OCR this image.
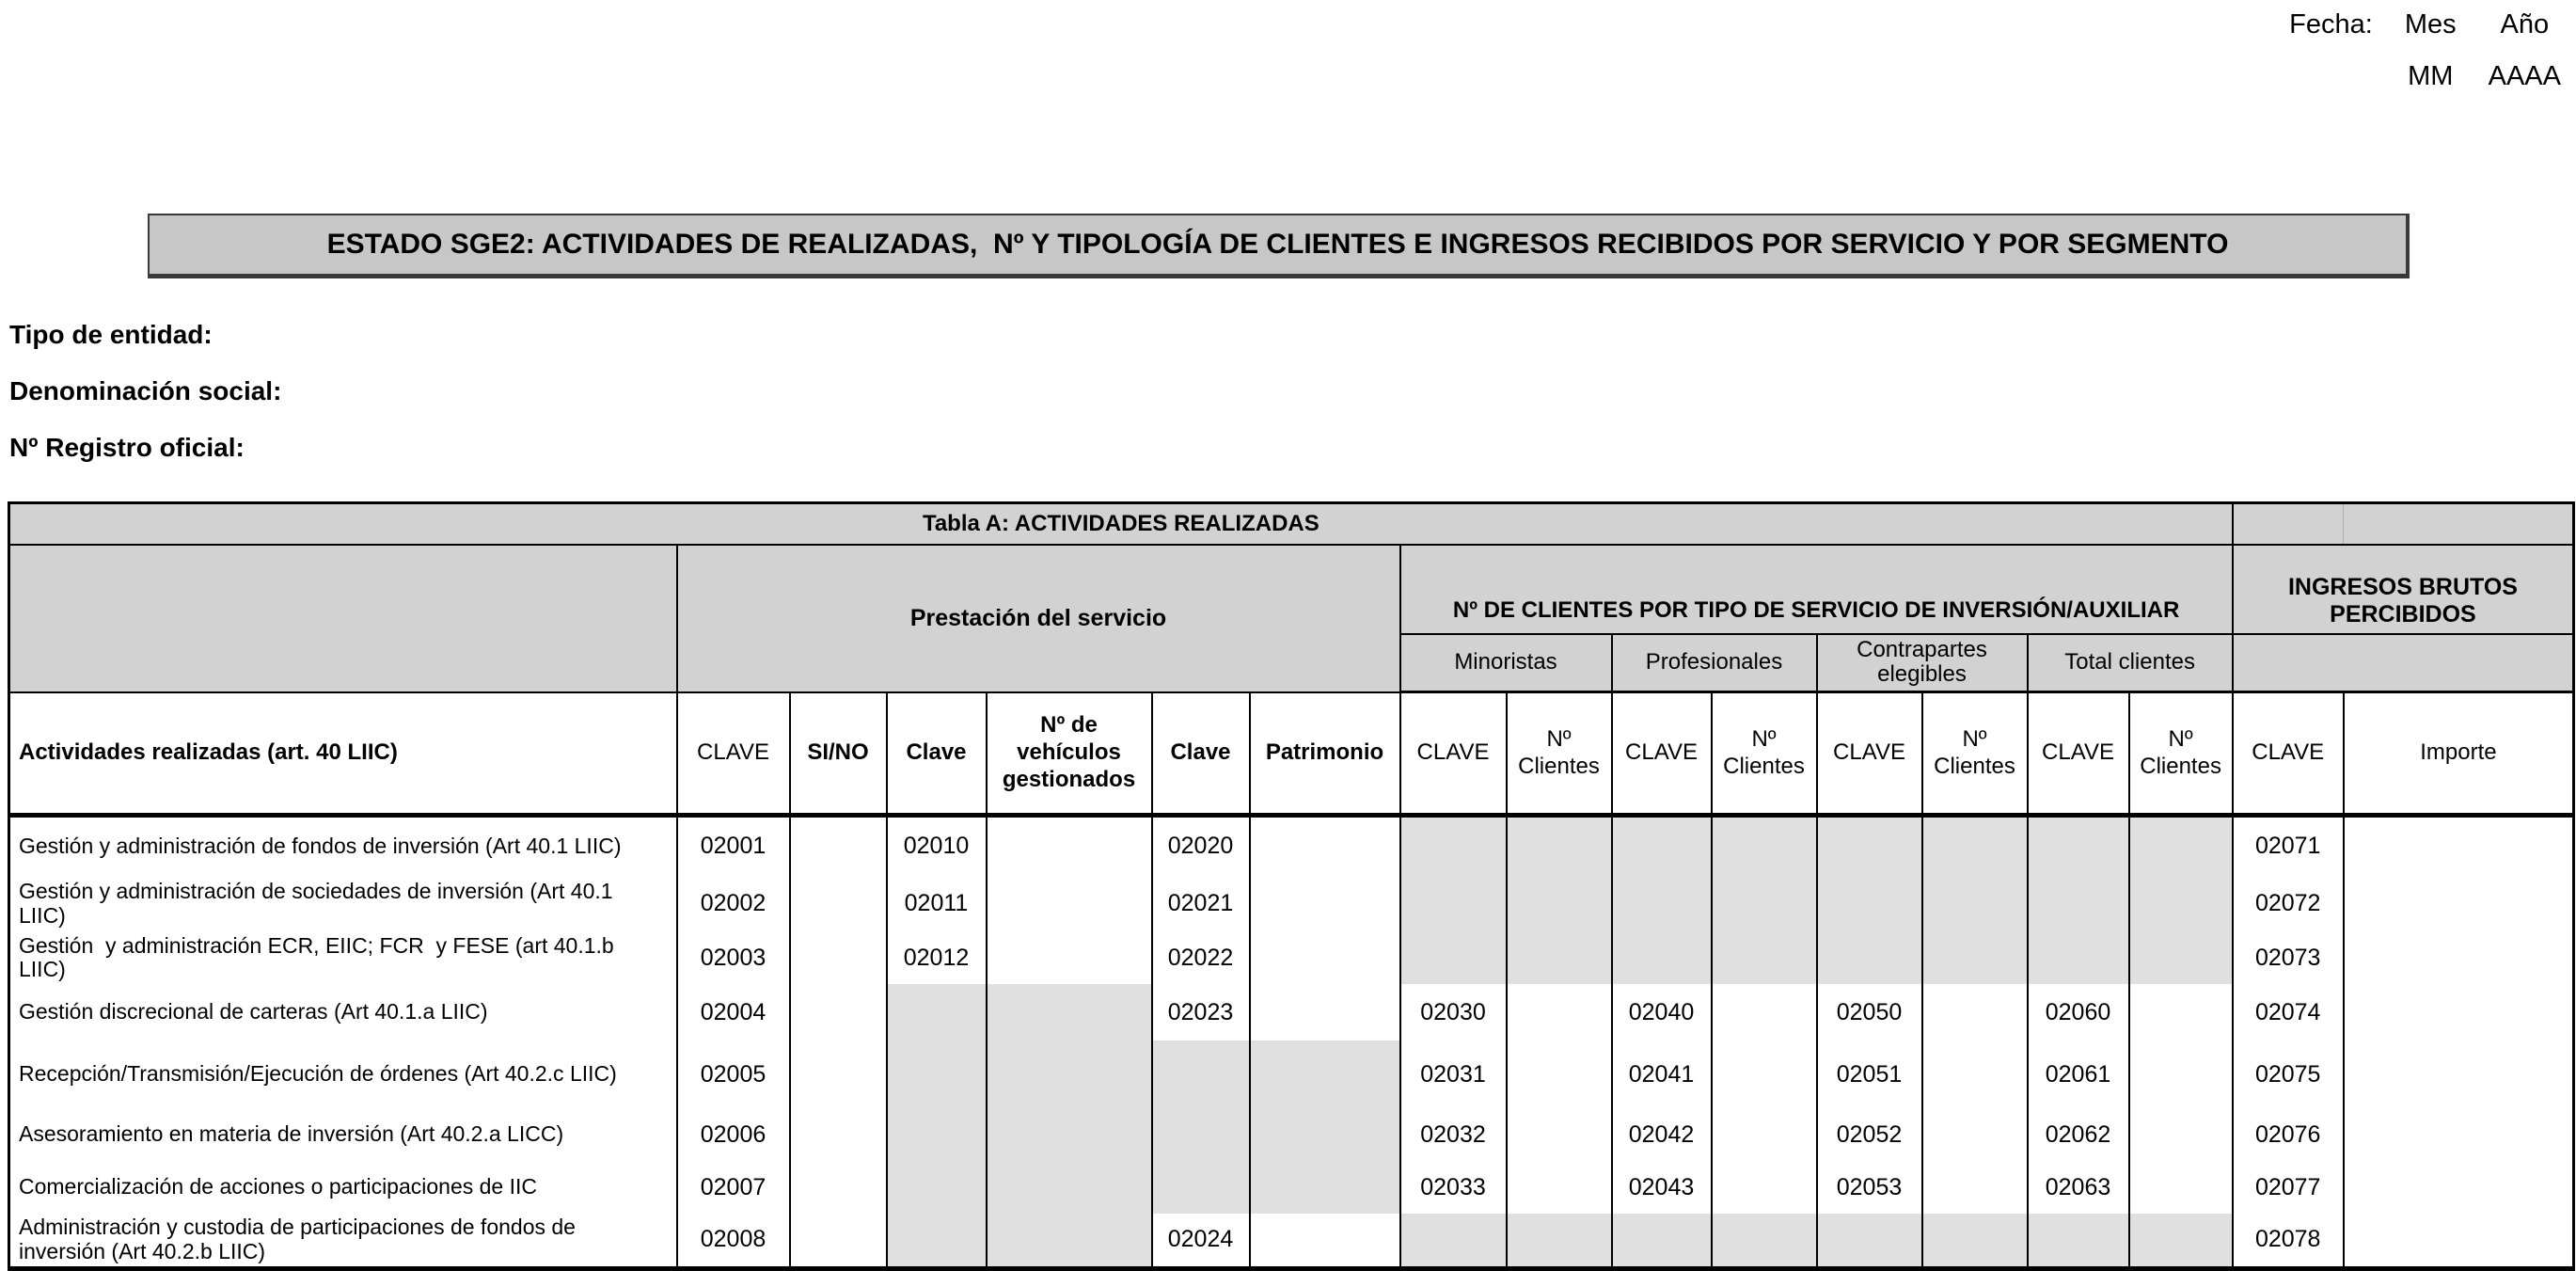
Fecha: Mes	Año
MM AAAA
ESTADO SGE2: ACTIVIDADES DE REALIZADAS,  Nº Y TIPOLOGÍA DE CLIENTES E INGRESOS RECIBIDOS POR SERVICIO Y POR SEGMENTO
Tipo de entidad:
Denominación social:
Nº Registro oficial:
Tabla A: ACTIVIDADES REALIZADAS																
	Prestación del servicio						Nº DE CLIENTES POR TIPO DE SERVICIO DE INVERSIÓN/AUXILIAR								INGRESOS BRUTOS PERCIBIDOS	
							Minoristas		Profesionales		Contrapartes elegibles		Total clientes			
Actividades realizadas (art. 40 LIIC)	CLAVE	SI/NO	Clave	Nº de vehículos gestionados	Clave	Patrimonio	CLAVE	Nº Clientes	CLAVE	Nº Clientes	CLAVE	Nº Clientes	CLAVE	Nº Clientes	CLAVE	Importe
Gestión y administración de fondos de inversión (Art 40.1 LIIC)	02001		02010		02020										02071	
Gestión y administración de sociedades de inversión (Art 40.1
LIIC)	02002		02011		02021										02072	
Gestión  y administración ECR, EIIC; FCR  y FESE (art 40.1.b
LIIC)	02003		02012		02022										02073	
Gestión discrecional de carteras (Art 40.1.a LIIC)	02004				02023		02030		02040		02050		02060		02074	
Recepción/Transmisión/Ejecución de órdenes (Art 40.2.c LIIC)	02005						02031		02041		02051		02061		02075	
Asesoramiento en materia de inversión (Art 40.2.a LICC)	02006						02032		02042		02052		02062		02076	
Comercialización de acciones o participaciones de IIC	02007						02033		02043		02053		02063		02077	
Administración y custodia de participaciones de fondos de
inversión (Art 40.2.b LIIC)	02008				02024										02078	
